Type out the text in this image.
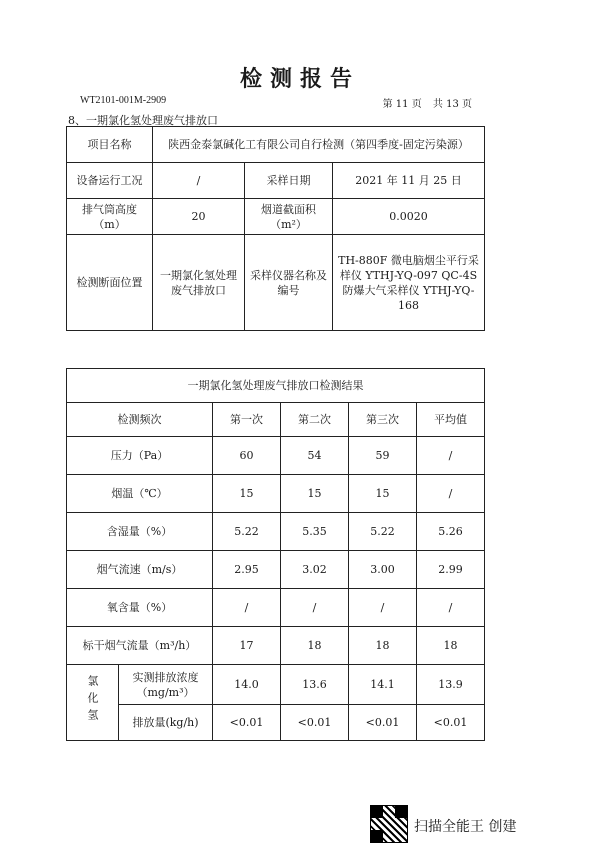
检测报告
WT2101-001M-2909	第 11 页 共 13 页
8、一期氯化氢处理废气排放口
项目名称	陕西金泰氯碱化工有限公司自行检测（第四季度-固定污染源）		
设备运行工况	/	采样日期	2021 年 11 月 25 日
排气筒高度（m）	20	烟道截面积（m²）	0.0020
检测断面位置	一期氯化氢处理废气排放口	采样仪器名称及编号	TH-880F 微电脑烟尘平行采样仪 YTHJ-YQ-097 QC-4S 防爆大气采样仪 YTHJ-YQ-168
一期氯化氢处理废气排放口检测结果					
检测频次		第一次	第二次	第三次	平均值
压力（Pa）		60	54	59	/
烟温（℃）		15	15	15	/
含湿量（%）		5.22	5.35	5.22	5.26
烟气流速（m/s）		2.95	3.02	3.00	2.99
氧含量（%）		/	/	/	/
标干烟气流量（m³/h）		17	18	18	18
氯化氢	实测排放浓度（mg/m³）	14.0	13.6	14.1	13.9
	排放量(kg/h)	<0.01	<0.01	<0.01	<0.01
扫描全能王 创建
